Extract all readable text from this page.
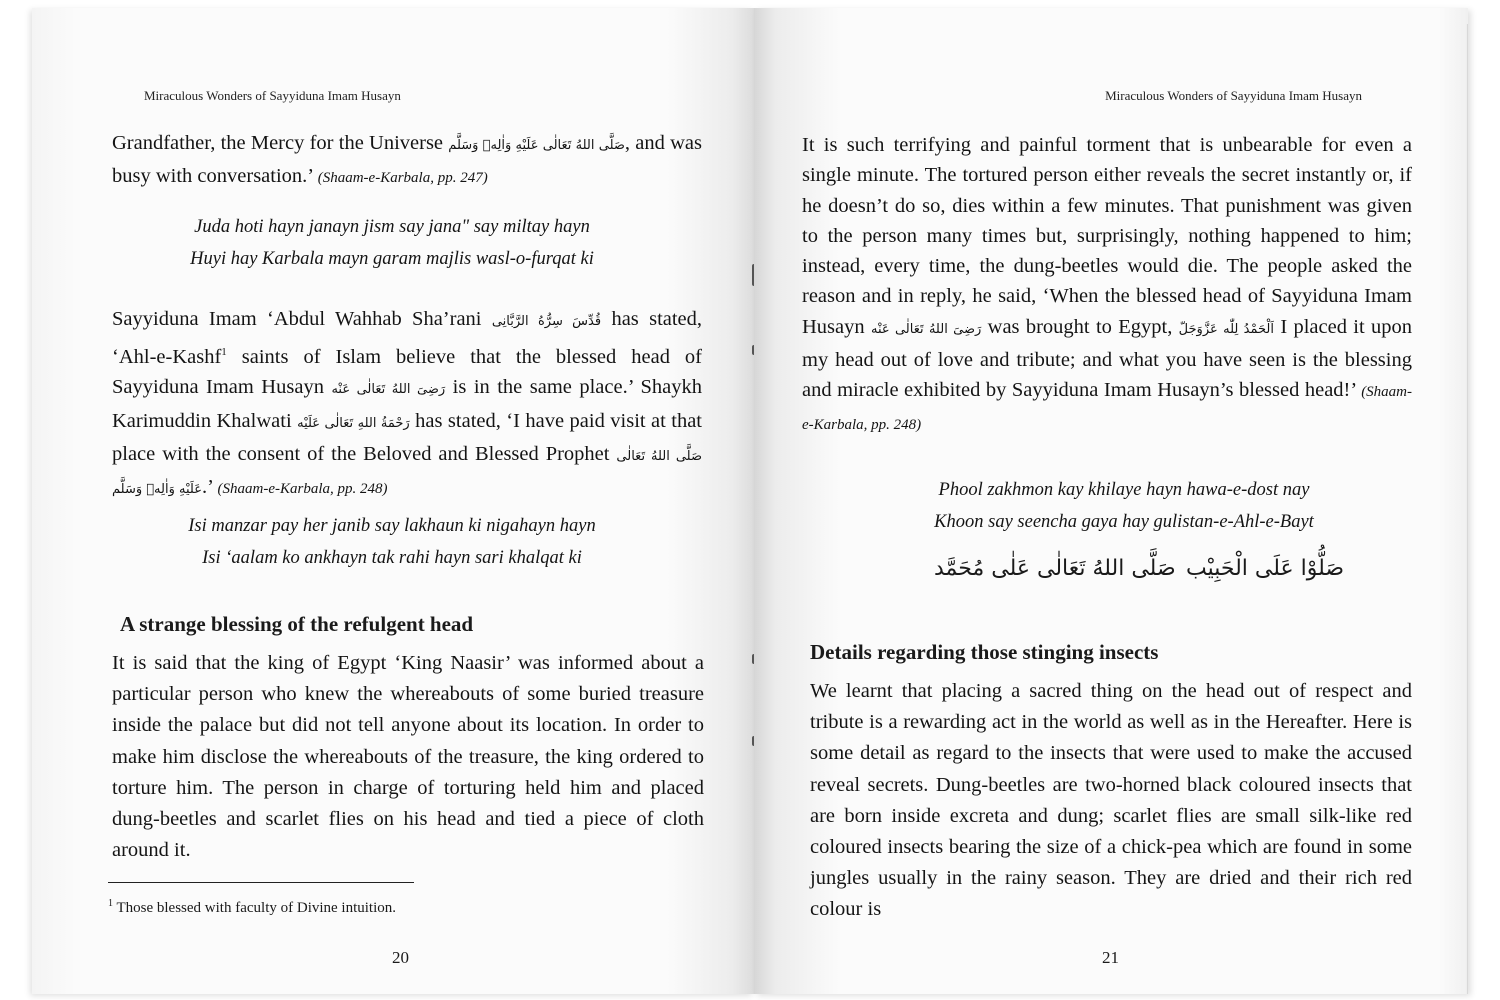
Miraculous Wonders of Sayyiduna Imam Husayn

Grandfather, the Mercy for the Universe صَلَّى اللهُ تَعَالٰى عَلَيْهِ وَاٰلِهٖ وَسَلَّم, and was busy with conversation.’ (Shaam-e-Karbala, pp. 247)

Juda hoti hayn janayn jism say jana" say miltay hayn
Huyi hay Karbala mayn garam majlis wasl-o-furqat ki

Sayyiduna Imam ‘Abdul Wahhab Sha’rani قُدِّسَ سِرُّهُ الرَّبَّانِی has stated, ‘Ahl-e-Kashf$^1$ saints of Islam believe that the blessed head of Sayyiduna Imam Husayn رَضِیَ اللهُ تَعَالٰی عَنْه is in the same place.’ Shaykh Karimuddin Khalwati رَحْمَةُ اللهِ تَعَالٰی عَلَيْه has stated, ‘I have paid visit at that place with the consent of the Beloved and Blessed Prophet صَلَّى اللهُ تَعَالٰى عَلَيْهِ وَاٰلِهٖ وَسَلَّم.’ (Shaam-e-Karbala, pp. 248)

Isi manzar pay her janib say lakhaun ki nigahayn hayn
Isi ‘aalam ko ankhayn tak rahi hayn sari khalqat ki
A strange blessing of the refulgent head
It is said that the king of Egypt ‘King Naasir’ was informed about a particular person who knew the whereabouts of some buried treasure inside the palace but did not tell anyone about its location. In order to make him disclose the whereabouts of the treasure, the king ordered to torture him. The person in charge of torturing held him and placed dung-beetles and scarlet flies on his head and tied a piece of cloth around it.
$^1$ Those blessed with faculty of Divine intuition.
20
Miraculous Wonders of Sayyiduna Imam Husayn

It is such terrifying and painful torment that is unbearable for even a single minute. The tortured person either reveals the secret instantly or, if he doesn’t do so, dies within a few minutes. That punishment was given to the person many times but, surprisingly, nothing happened to him; instead, every time, the dung-beetles would die. The people asked the reason and in reply, he said, ‘When the blessed head of Sayyiduna Imam Husayn رَضِیَ اللهُ تَعَالٰی عَنْه was brought to Egypt, اَلْحَمْدُ لِلّٰه عَزَّوَجَلّ I placed it upon my head out of love and tribute; and what you have seen is the blessing and miracle exhibited by Sayyiduna Imam Husayn’s blessed head!’ (Shaam-e-Karbala, pp. 248)

Phool zakhmon kay khilaye hayn hawa-e-dost nay
Khoon say seencha gaya hay gulistan-e-Ahl-e-Bayt
صَلَّى اللهُ تَعَالٰى عَلٰى مُحَمَّد صَلُّوْا عَلَى الْحَبِيْب
Details regarding those stinging insects
We learnt that placing a sacred thing on the head out of respect and tribute is a rewarding act in the world as well as in the Hereafter. Here is some detail as regard to the insects that were used to make the accused reveal secrets. Dung-beetles are two-horned black coloured insects that are born inside excreta and dung; scarlet flies are small silk-like red coloured insects bearing the size of a chick-pea which are found in some jungles usually in the rainy season. They are dried and their rich red colour is
21
